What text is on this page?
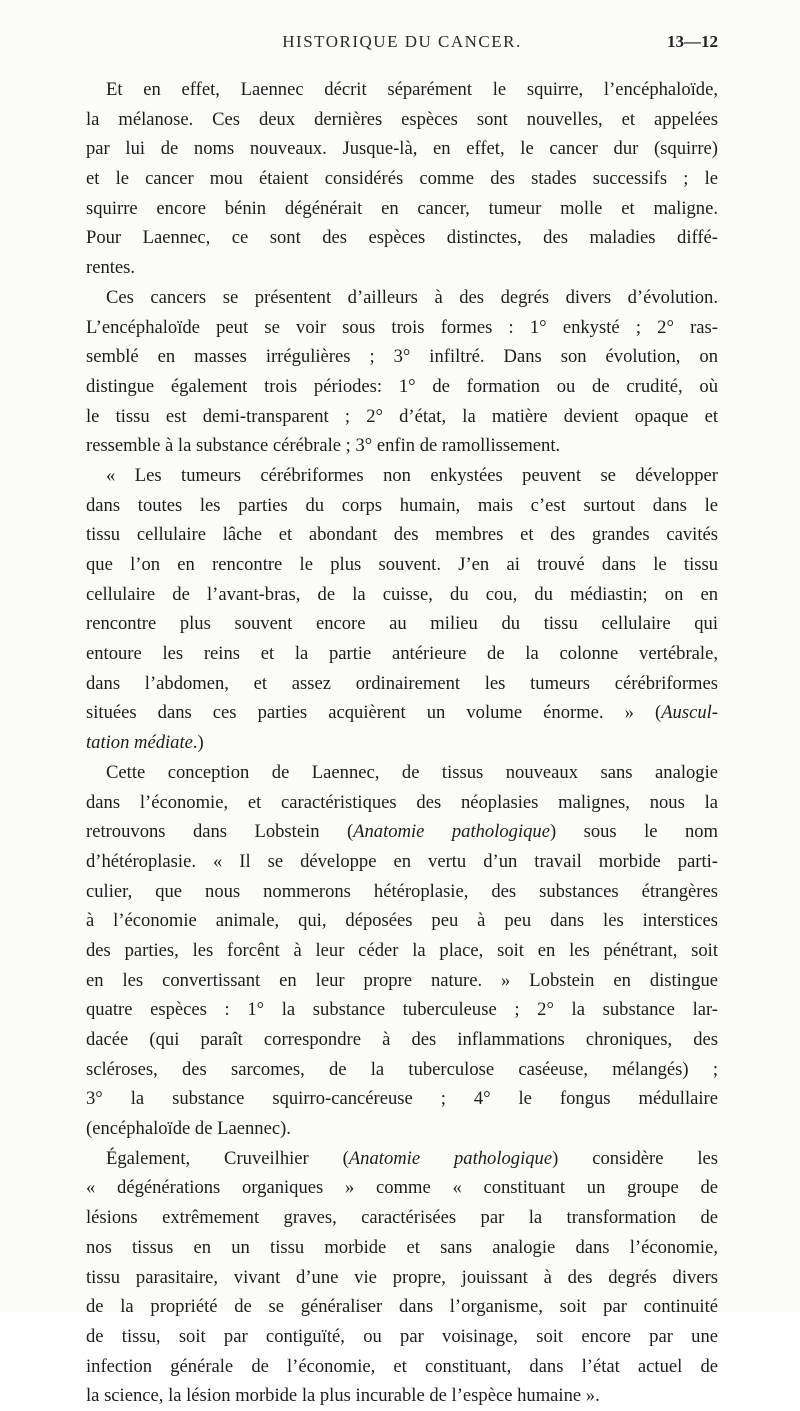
HISTORIQUE DU CANCER.	13—12
Et en effet, Laennec décrit séparément le squirre, l’encéphaloïde,
la mélanose. Ces deux dernières espèces sont nouvelles, et appelées
par lui de noms nouveaux. Jusque-là, en effet, le cancer dur (squirre)
et le cancer mou étaient considérés comme des stades successifs ; le
squirre encore bénin dégénérait en cancer, tumeur molle et maligne.
Pour Laennec, ce sont des espèces distinctes, des maladies diffé-
rentes.
Ces cancers se présentent d’ailleurs à des degrés divers d’évolution.
L’encéphaloïde peut se voir sous trois formes : 1° enkysté ; 2° ras-
semblé en masses irrégulières ; 3° infiltré. Dans son évolution, on
distingue également trois périodes: 1° de formation ou de crudité, où
le tissu est demi-transparent ; 2° d’état, la matière devient opaque et
ressemble à la substance cérébrale ; 3° enfin de ramollissement.
« Les tumeurs cérébriformes non enkystées peuvent se développer
dans toutes les parties du corps humain, mais c’est surtout dans le
tissu cellulaire lâche et abondant des membres et des grandes cavités
que l’on en rencontre le plus souvent. J’en ai trouvé dans le tissu
cellulaire de l’avant-bras, de la cuisse, du cou, du médiastin; on en
rencontre plus souvent encore au milieu du tissu cellulaire qui
entoure les reins et la partie antérieure de la colonne vertébrale,
dans l’abdomen, et assez ordinairement les tumeurs cérébriformes
situées dans ces parties acquièrent un volume énorme. » (Auscul-
tation médiate.)
Cette conception de Laennec, de tissus nouveaux sans analogie
dans l’économie, et caractéristiques des néoplasies malignes, nous la
retrouvons dans Lobstein (Anatomie pathologique) sous le nom
d’hétéroplasie. « Il se développe en vertu d’un travail morbide parti-
culier, que nous nommerons hétéroplasie, des substances étrangères
à l’économie animale, qui, déposées peu à peu dans les interstices
des parties, les forcênt à leur céder la place, soit en les pénétrant, soit
en les convertissant en leur propre nature. » Lobstein en distingue
quatre espèces : 1° la substance tuberculeuse ; 2° la substance lar-
dacée (qui paraît correspondre à des inflammations chroniques, des
scléroses, des sarcomes, de la tuberculose caséeuse, mélangés) ;
3° la substance squirro-cancéreuse ; 4° le fongus médullaire
(encéphaloïde de Laennec).
Également, Cruveilhier (Anatomie pathologique) considère les
« dégénérations organiques » comme « constituant un groupe de
lésions extrêmement graves, caractérisées par la transformation de
nos tissus en un tissu morbide et sans analogie dans l’économie,
tissu parasitaire, vivant d’une vie propre, jouissant à des degrés divers
de la propriété de se généraliser dans l’organisme, soit par continuité
de tissu, soit par contiguïté, ou par voisinage, soit encore par une
infection générale de l’économie, et constituant, dans l’état actuel de
la science, la lésion morbide la plus incurable de l’espèce humaine ».
